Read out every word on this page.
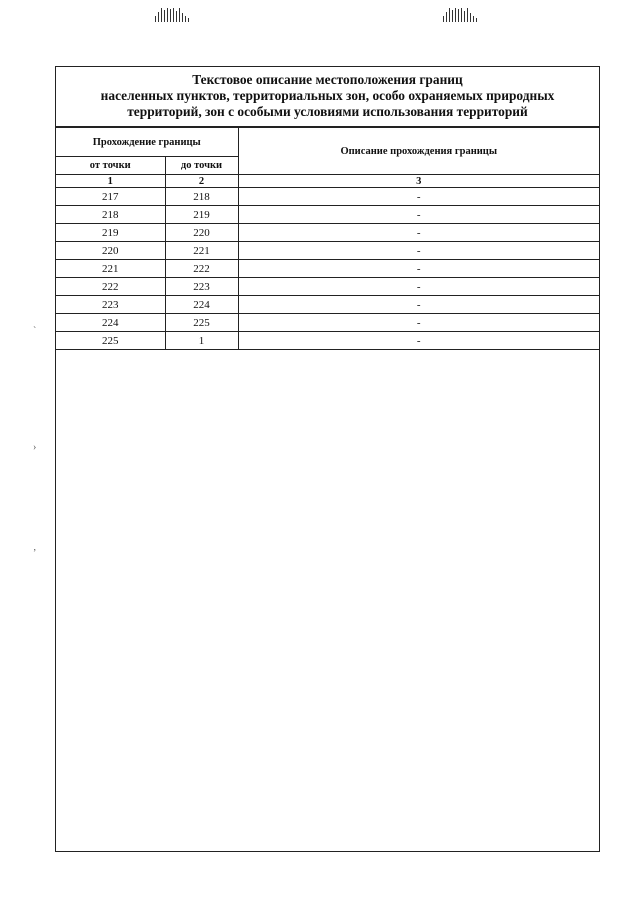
`
›
’
Текстовое описание местоположения границ
населенных пунктов, территориальных зон, особо охраняемых природных
территорий, зон с особыми условиями использования территорий
Прохождение границы		Описание прохождения границы
от точки	до точки	
1	2	3
217	218	-
218	219	-
219	220	-
220	221	-
221	222	-
222	223	-
223	224	-
224	225	-
225	1	-
